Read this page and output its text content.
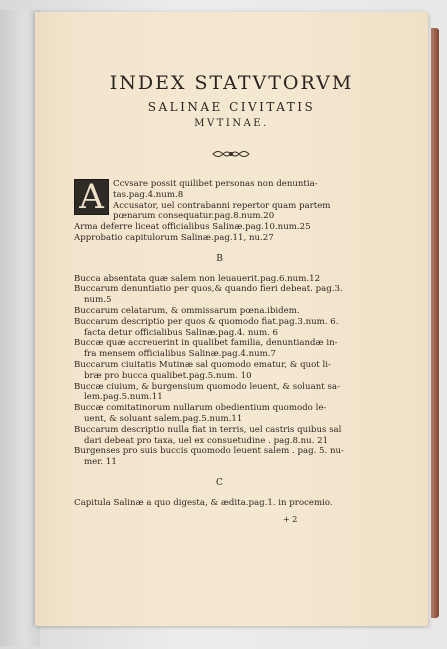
INDEX STATVTORVM
SALINAE CIVITATIS
MVTINAE.
A	Ccvsare possit quilibet personas non denuntia-
tas.pag.4.num.8
Accusator, uel contrabanni repertor quam partem
pœnarum consequatur.pag.8.num.20
Arma deferre liceat officialibus Salinæ.pag.10.num.25
Approbatio capitulorum Salinæ.pag.11, nu.27
B
Bucca absentata quæ salem non leuauerit.pag.6.num.12
Buccarum denuntiatio per quos,& quando fieri debeat. pag.3.
num.5
Buccarum celatarum, & ommissarum pœna.ibidem.
Buccarum descriptio per quos & quomodo fiat.pag.3.num. 6.
facta detur officialibus Salinæ.pag.4. num. 6
Buccæ quæ accreuerint in qualibet familia, denuntiandæ in-
fra mensem officialibus Salinæ.pag.4.num.7
Buccarum ciuitatis Mutinæ sal quomodo ematur, & quot li-
bræ pro bucca qualibet.pag.5.num. 10
Buccæ ciuium, & burgensium quomodo leuent, & soluant sa-
lem.pag.5.num.11
Buccæ comitatinorum nullarum obedientium quomodo le-
uent, & soluant salem.pag.5.num.11
Buccarum descriptio nulla fiat in terris, uel castris quibus sal
dari debeat pro taxa, uel ex consuetudine . pag.8.nu. 21
Burgenses pro suis buccis quomodo leuent salem . pag. 5. nu-
mer. 11
C
Capitula Salinæ a quo digesta, & ædita.pag.1. in procemio.
+ 2
